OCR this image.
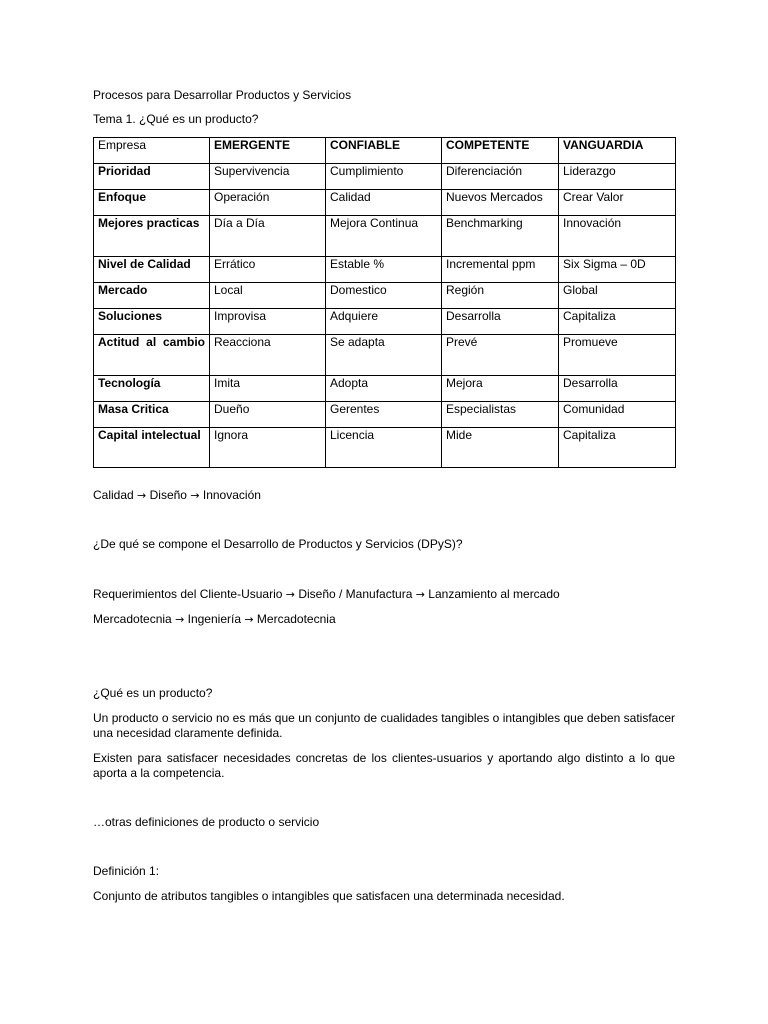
Procesos para Desarrollar Productos y Servicios
Tema 1. ¿Qué es un producto?
Empresa	EMERGENTE	CONFIABLE	COMPETENTE	VANGUARDIA
Prioridad	Supervivencia	Cumplimiento	Diferenciación	Liderazgo
Enfoque	Operación	Calidad	Nuevos Mercados	Crear Valor
Mejores practicas	Día a Día	Mejora Continua	Benchmarking	Innovación
Nivel de Calidad	Errático	Estable %	Incremental ppm	Six Sigma – 0D
Mercado	Local	Domestico	Región	Global
Soluciones	Improvisa	Adquiere	Desarrolla	Capitaliza
Actitud al cambio	Reacciona	Se adapta	Prevé	Promueve
Tecnología	Imita	Adopta	Mejora	Desarrolla
Masa Critica	Dueño	Gerentes	Especialistas	Comunidad
Capital intelectual	Ignora	Licencia	Mide	Capitaliza
Calidad → Diseño → Innovación
¿De qué se compone el Desarrollo de Productos y Servicios (DPyS)?
Requerimientos del Cliente-Usuario → Diseño / Manufactura → Lanzamiento al mercado
Mercadotecnia → Ingeniería → Mercadotecnia
¿Qué es un producto?
Un producto o servicio no es más que un conjunto de cualidades tangibles o intangibles que deben satisfacer una necesidad claramente definida.
Existen para satisfacer necesidades concretas de los clientes-usuarios y aportando algo distinto a lo que aporta a la competencia.
…otras definiciones de producto o servicio
Definición 1:
Conjunto de atributos tangibles o intangibles que satisfacen una determinada necesidad.
